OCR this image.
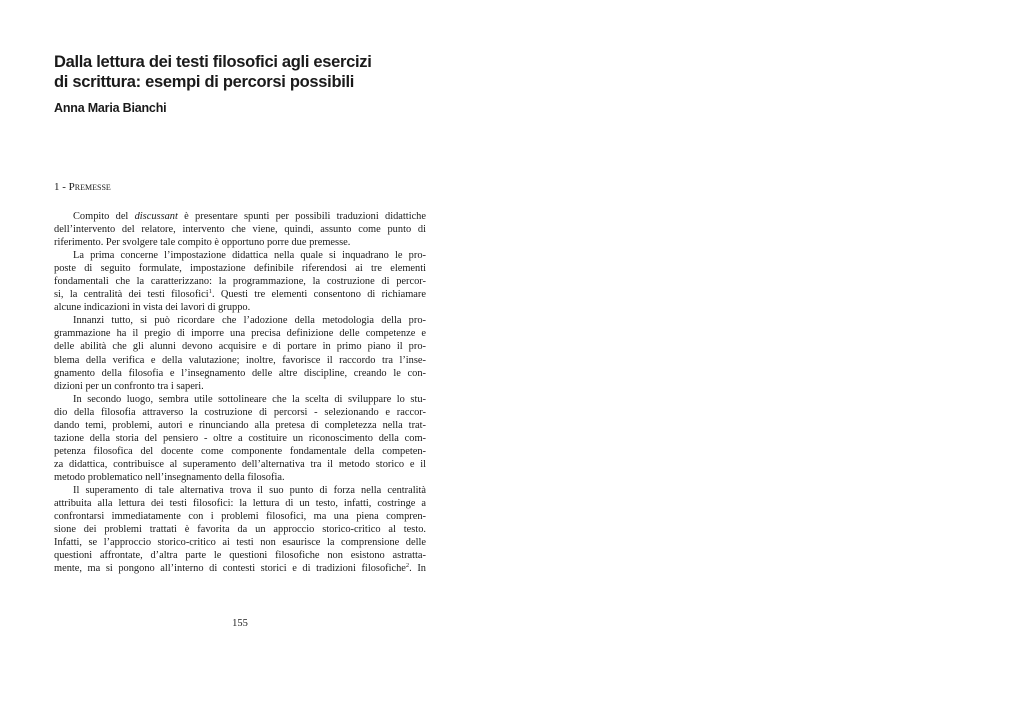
Dalla lettura dei testi filosofici agli esercizi
di scrittura: esempi di percorsi possibili

Anna Maria Bianchi

1 - Premesse

Compito del discussant è presentare spunti per possibili traduzioni didattiche
dell’intervento del relatore, intervento che viene, quindi, assunto come punto di
riferimento. Per svolgere tale compito è opportuno porre due premesse.
La prima concerne l’impostazione didattica nella quale si inquadrano le pro-
poste di seguito formulate, impostazione definibile riferendosi ai tre elementi
fondamentali che la caratterizzano: la programmazione, la costruzione di percor-
si, la centralità dei testi filosofici$^1$. Questi tre elementi consentono di richiamare
alcune indicazioni in vista dei lavori di gruppo.
Innanzi tutto, si può ricordare che l’adozione della metodologia della pro-
grammazione ha il pregio di imporre una precisa definizione delle competenze e
delle abilità che gli alunni devono acquisire e di portare in primo piano il pro-
blema della verifica e della valutazione; inoltre, favorisce il raccordo tra l’inse-
gnamento della filosofia e l’insegnamento delle altre discipline, creando le con-
dizioni per un confronto tra i saperi.
In secondo luogo, sembra utile sottolineare che la scelta di sviluppare lo stu-
dio della filosofia attraverso la costruzione di percorsi - selezionando e raccor-
dando temi, problemi, autori e rinunciando alla pretesa di completezza nella trat-
tazione della storia del pensiero - oltre a costituire un riconoscimento della com-
petenza filosofica del docente come componente fondamentale della competen-
za didattica, contribuisce al superamento dell’alternativa tra il metodo storico e il
metodo problematico nell’insegnamento della filosofia.
Il superamento di tale alternativa trova il suo punto di forza nella centralità
attribuita alla lettura dei testi filosofici: la lettura di un testo, infatti, costringe a
confrontarsi immediatamente con i problemi filosofici, ma una piena compren-
sione dei problemi trattati è favorita da un approccio storico-critico al testo.
Infatti, se l’approccio storico-critico ai testi non esaurisce la comprensione delle
questioni affrontate, d’altra parte le questioni filosofiche non esistono astratta-
mente, ma si pongono all’interno di contesti storici e di tradizioni filosofiche$^2$. In
155
